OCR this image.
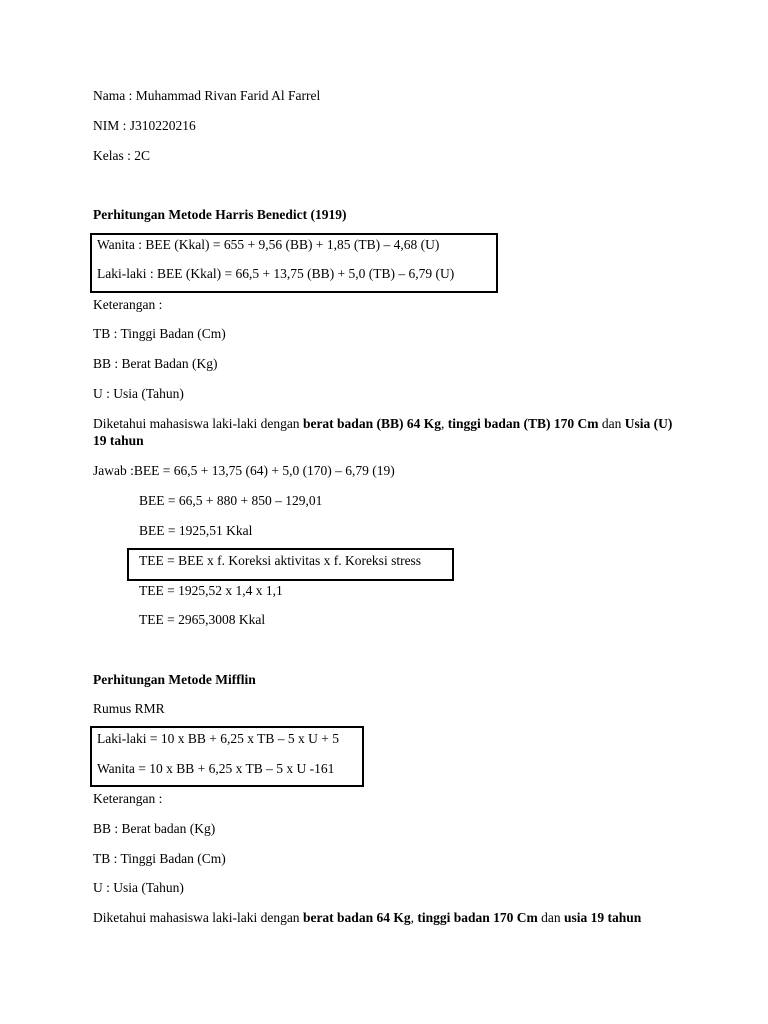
Nama : Muhammad Rivan Farid Al Farrel
NIM : J310220216
Kelas : 2C
Perhitungan Metode Harris Benedict (1919)
Wanita : BEE (Kkal) = 655 + 9,56 (BB) + 1,85 (TB) – 4,68 (U)
Laki-laki : BEE (Kkal) = 66,5 + 13,75 (BB) + 5,0 (TB) – 6,79 (U)
Keterangan :
TB : Tinggi Badan (Cm)
BB : Berat Badan (Kg)
U : Usia (Tahun)
Diketahui mahasiswa laki-laki dengan berat badan (BB) 64 Kg, tinggi badan (TB) 170 Cm dan Usia (U) 19 tahun
Jawab :BEE = 66,5 + 13,75 (64) + 5,0 (170) – 6,79 (19)
BEE = 66,5 + 880 + 850 – 129,01
BEE = 1925,51 Kkal
TEE = BEE x f. Koreksi aktivitas x f. Koreksi stress
TEE = 1925,52 x 1,4 x 1,1
TEE = 2965,3008 Kkal
Perhitungan Metode Mifflin
Rumus RMR
Laki-laki = 10 x BB + 6,25 x TB – 5 x U + 5
Wanita = 10 x BB + 6,25 x TB – 5 x U -161
Keterangan :
BB : Berat badan (Kg)
TB : Tinggi Badan (Cm)
U : Usia (Tahun)
Diketahui mahasiswa laki-laki dengan berat badan 64 Kg, tinggi badan 170 Cm dan usia 19 tahun
